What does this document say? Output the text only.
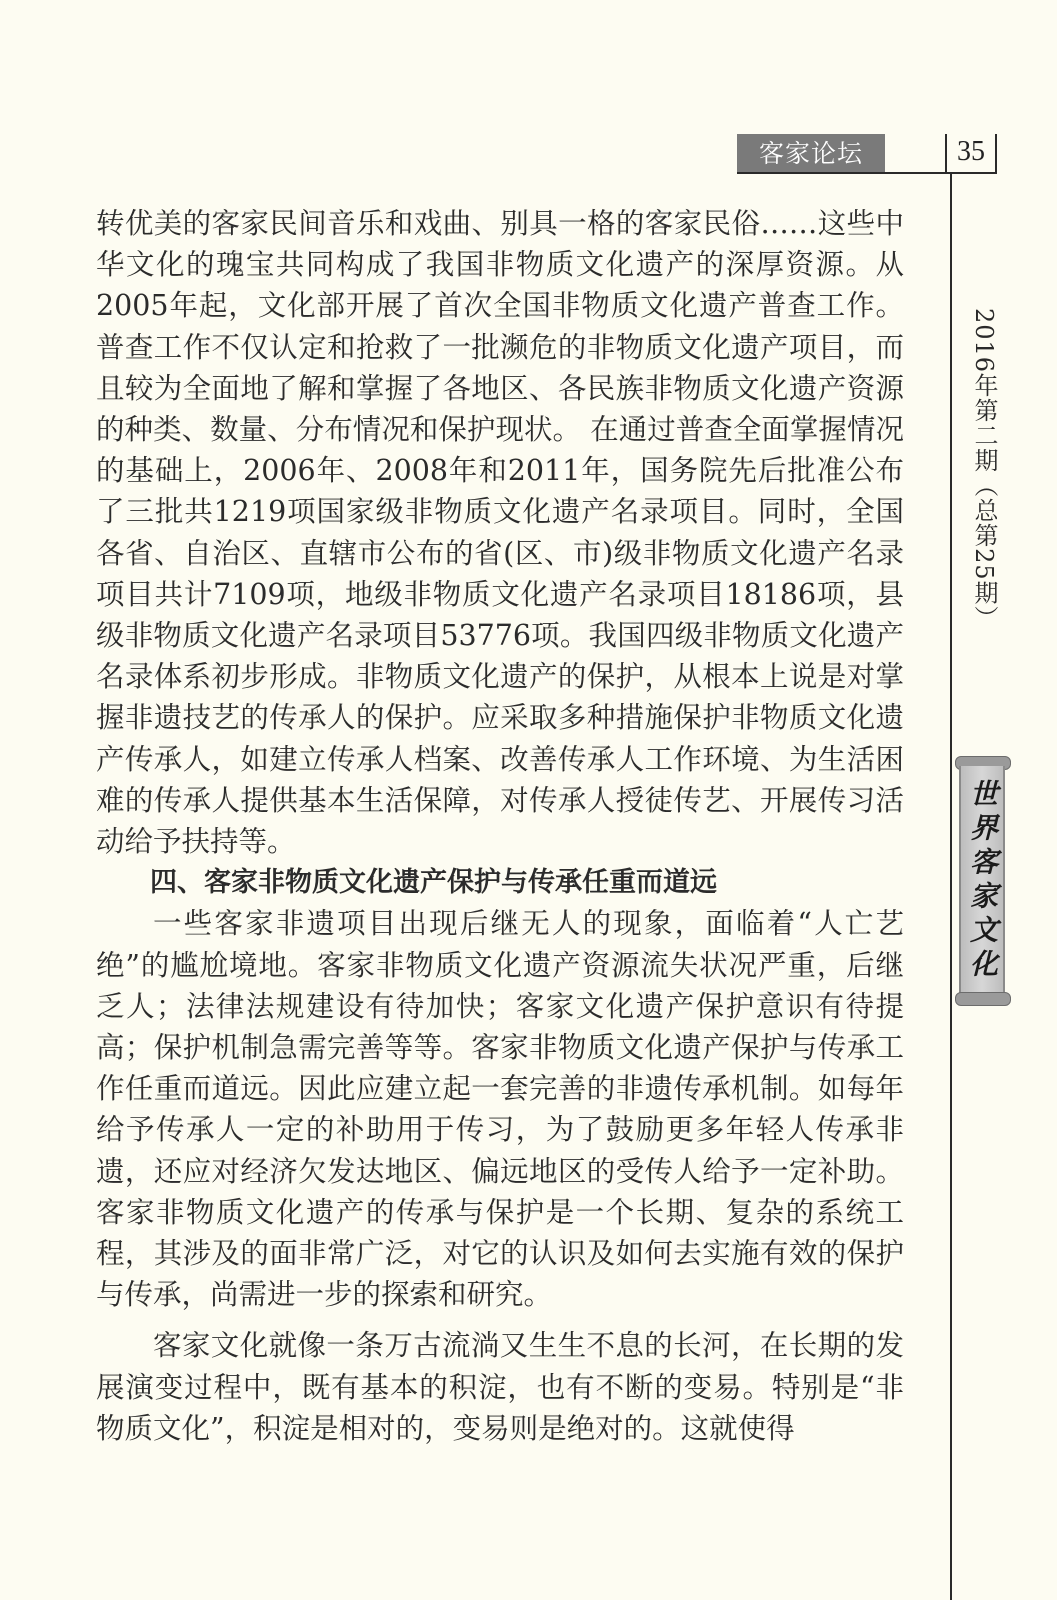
客家论坛	35
2016年第二期（总第25期）
世界客家文化

转优美的客家民间音乐和戏曲、别具一格的客家民俗……这些中华文化的瑰宝共同构成了我国非物质文化遗产的深厚资源。从2005年起，文化部开展了首次全国非物质文化遗产普查工作。普查工作不仅认定和抢救了一批濒危的非物质文化遗产项目，而且较为全面地了解和掌握了各地区、各民族非物质文化遗产资源的种类、数量、分布情况和保护现状。 在通过普查全面掌握情况的基础上，2006年、2008年和2011年，国务院先后批准公布了三批共1219项国家级非物质文化遗产名录项目。同时，全国各省、自治区、直辖市公布的省(区、市)级非物质文化遗产名录项目共计7109项，地级非物质文化遗产名录项目18186项，县级非物质文化遗产名录项目53776项。我国四级非物质文化遗产名录体系初步形成。非物质文化遗产的保护，从根本上说是对掌握非遗技艺的传承人的保护。应采取多种措施保护非物质文化遗产传承人，如建立传承人档案、改善传承人工作环境、为生活困难的传承人提供基本生活保障，对传承人授徒传艺、开展传习活动给予扶持等。

四、客家非物质文化遗产保护与传承任重而道远

一些客家非遗项目出现后继无人的现象，面临着“人亡艺绝”的尴尬境地。客家非物质文化遗产资源流失状况严重，后继乏人；法律法规建设有待加快；客家文化遗产保护意识有待提高；保护机制急需完善等等。客家非物质文化遗产保护与传承工作任重而道远。因此应建立起一套完善的非遗传承机制。如每年给予传承人一定的补助用于传习，为了鼓励更多年轻人传承非遗，还应对经济欠发达地区、偏远地区的受传人给予一定补助。客家非物质文化遗产的传承与保护是一个长期、复杂的系统工程，其涉及的面非常广泛，对它的认识及如何去实施有效的保护与传承，尚需进一步的探索和研究。

客家文化就像一条万古流淌又生生不息的长河，在长期的发展演变过程中，既有基本的积淀，也有不断的变易。特别是“非物质文化”，积淀是相对的，变易则是绝对的。这就使得
